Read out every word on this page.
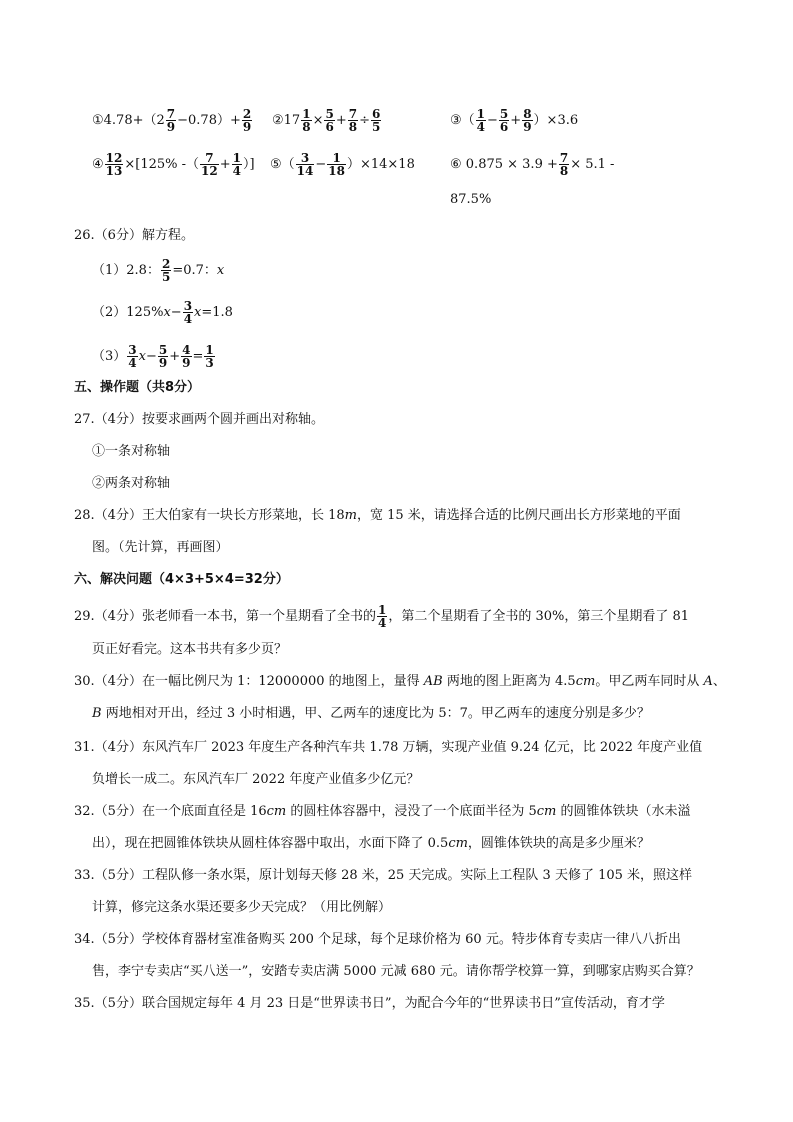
①4.78+（2 $\frac{7}{9} -0.78)+ \frac{2}{9}$ ②17 $\frac{1}{8} \times \frac{5}{6} + \frac{7}{8} \div \frac{6}{5}$	③（ $\frac{1}{4} - \frac{5}{6} + \frac{8}{9} )\times 3.6$
④ $\frac{12}{13} \times[125\%$ -（ $\frac{7}{12} + \frac{1}{4}$ ）] ⑤（ $\frac{3}{14} - \frac{1}{18} )\times 14\times 18$	⑥ $0.875 \times 3.9 + \frac{7}{8} \times 5.1$ -
87.5%
26.（6分）解方程。
（1）2.8： $\frac{2}{5} =0.7$：x
$(2)125\%x- \frac{3}{4} x=1.8$
$(3) \frac{3}{4} x- \frac{5}{9} + \frac{4}{9} = \frac{1}{3}$
五、操作题（共8分）
27.（4分）按要求画两个圆并画出对称轴。
①一条对称轴
②两条对称轴
28.（4分）王大伯家有一块长方形菜地，长 18m，宽 15 米，请选择合适的比例尺画出长方形菜地的平面
图。（先计算，再画图）
六、解决问题（4×3+5×4=32分）
29.（4分）张老师看一本书，第一个星期看了全书的 $\frac{1}{4}$ ，第二个星期看了全书的 30%，第三个星期看了 81
页正好看完。这本书共有多少页？
30.（4分）在一幅比例尺为 1：12000000 的地图上，量得 AB 两地的图上距离为 4.5cm。甲乙两车同时从 A、
B 两地相对开出，经过 3 小时相遇，甲、乙两车的速度比为 5：7。甲乙两车的速度分别是多少？
31.（4分）东风汽车厂 2023 年度生产各种汽车共 1.78 万辆，实现产业值 9.24 亿元，比 2022 年度产业值
负增长一成二。东风汽车厂 2022 年度产业值多少亿元？
32.（5分）在一个底面直径是 16cm 的圆柱体容器中，浸没了一个底面半径为 5cm 的圆锥体铁块（水未溢
出），现在把圆锥体铁块从圆柱体容器中取出，水面下降了 0.5cm，圆锥体铁块的高是多少厘米？
33.（5分）工程队修一条水渠，原计划每天修 28 米，25 天完成。实际上工程队 3 天修了 105 米，照这样
计算，修完这条水渠还要多少天完成？（用比例解）
34.（5分）学校体育器材室准备购买 200 个足球，每个足球价格为 60 元。特步体育专卖店一律八八折出
售，李宁专卖店“买八送一”，安踏专卖店满 5000 元减 680 元。请你帮学校算一算，到哪家店购买合算？
35.（5分）联合国规定每年 4 月 23 日是“世界读书日”，为配合今年的“世界读书日”宣传活动，育才学
